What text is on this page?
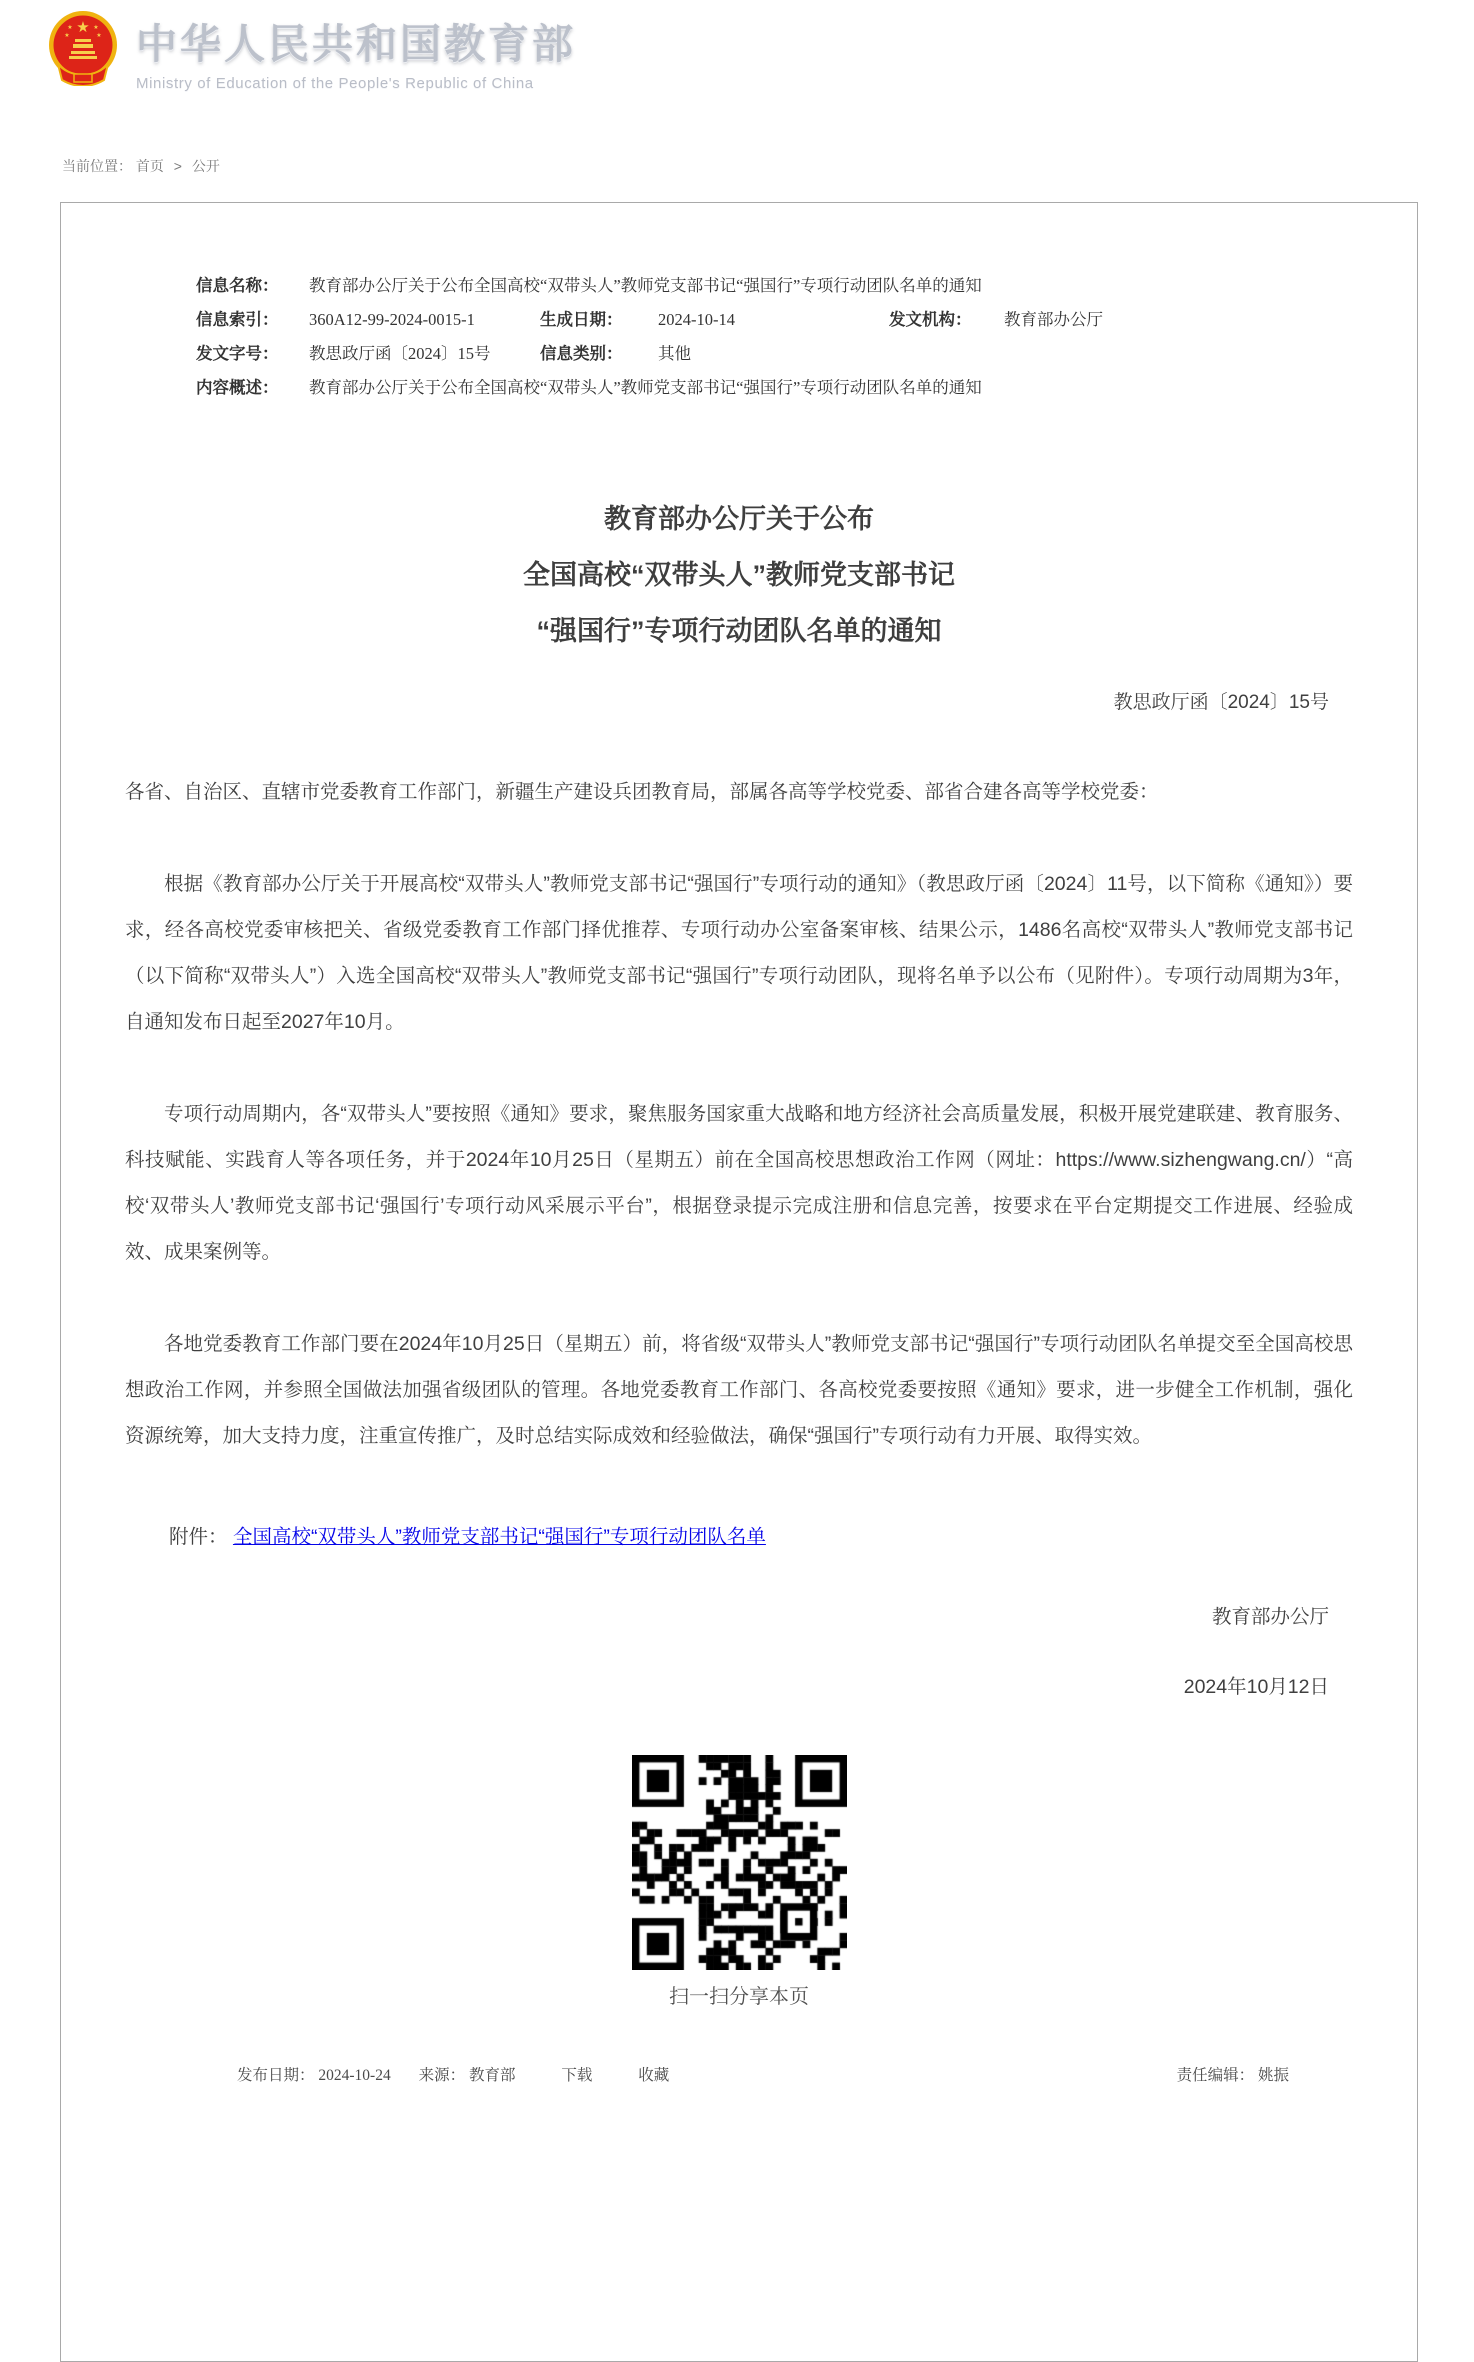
★
★	★
★	★ 中华人民共和国教育部
Ministry of Education of the People's Republic of China
当前位置： 首页 > 公开
信息名称：	教育部办公厅关于公布全国高校“双带头人”教师党支部书记“强国行”专项行动团队名单的通知
信息索引：	360A12-99-2024-0015-1	生成日期：	2024-10-14	发文机构：	教育部办公厅
发文字号：	教思政厅函〔2024〕15号	信息类别：	其他
内容概述：	教育部办公厅关于公布全国高校“双带头人”教师党支部书记“强国行”专项行动团队名单的通知
教育部办公厅关于公布
全国高校“双带头人”教师党支部书记
“强国行”专项行动团队名单的通知
教思政厅函〔2024〕15号

各省、自治区、直辖市党委教育工作部门，新疆生产建设兵团教育局，部属各高等学校党委、部省合建各高等学校党委：

根据《教育部办公厅关于开展高校“双带头人”教师党支部书记“强国行”专项行动的通知》（教思政厅函〔2024〕11号，以下简称《通知》）要求，经各高校党委审核把关、省级党委教育工作部门择优推荐、专项行动办公室备案审核、结果公示，1486名高校“双带头人”教师党支部书记（以下简称“双带头人”）入选全国高校“双带头人”教师党支部书记“强国行”专项行动团队，现将名单予以公布（见附件）。专项行动周期为3年，自通知发布日起至2027年10月。

专项行动周期内，各“双带头人”要按照《通知》要求，聚焦服务国家重大战略和地方经济社会高质量发展，积极开展党建联建、教育服务、科技赋能、实践育人等各项任务，并于2024年10月25日（星期五）前在全国高校思想政治工作网（网址：https://www.sizhengwang.cn/）“高校‘双带头人’教师党支部书记‘强国行’专项行动风采展示平台”，根据登录提示完成注册和信息完善，按要求在平台定期提交工作进展、经验成效、成果案例等。

各地党委教育工作部门要在2024年10月25日（星期五）前，将省级“双带头人”教师党支部书记“强国行”专项行动团队名单提交至全国高校思想政治工作网，并参照全国做法加强省级团队的管理。各地党委教育工作部门、各高校党委要按照《通知》要求，进一步健全工作机制，强化资源统筹，加大支持力度，注重宣传推广，及时总结实际成效和经验做法，确保“强国行”专项行动有力开展、取得实效。

附件： 全国高校“双带头人”教师党支部书记“强国行”专项行动团队名单
教育部办公厅
2024年10月12日
扫一扫分享本页
发布日期： 2024-10-24 来源： 教育部	下载	收藏	责任编辑： 姚振
